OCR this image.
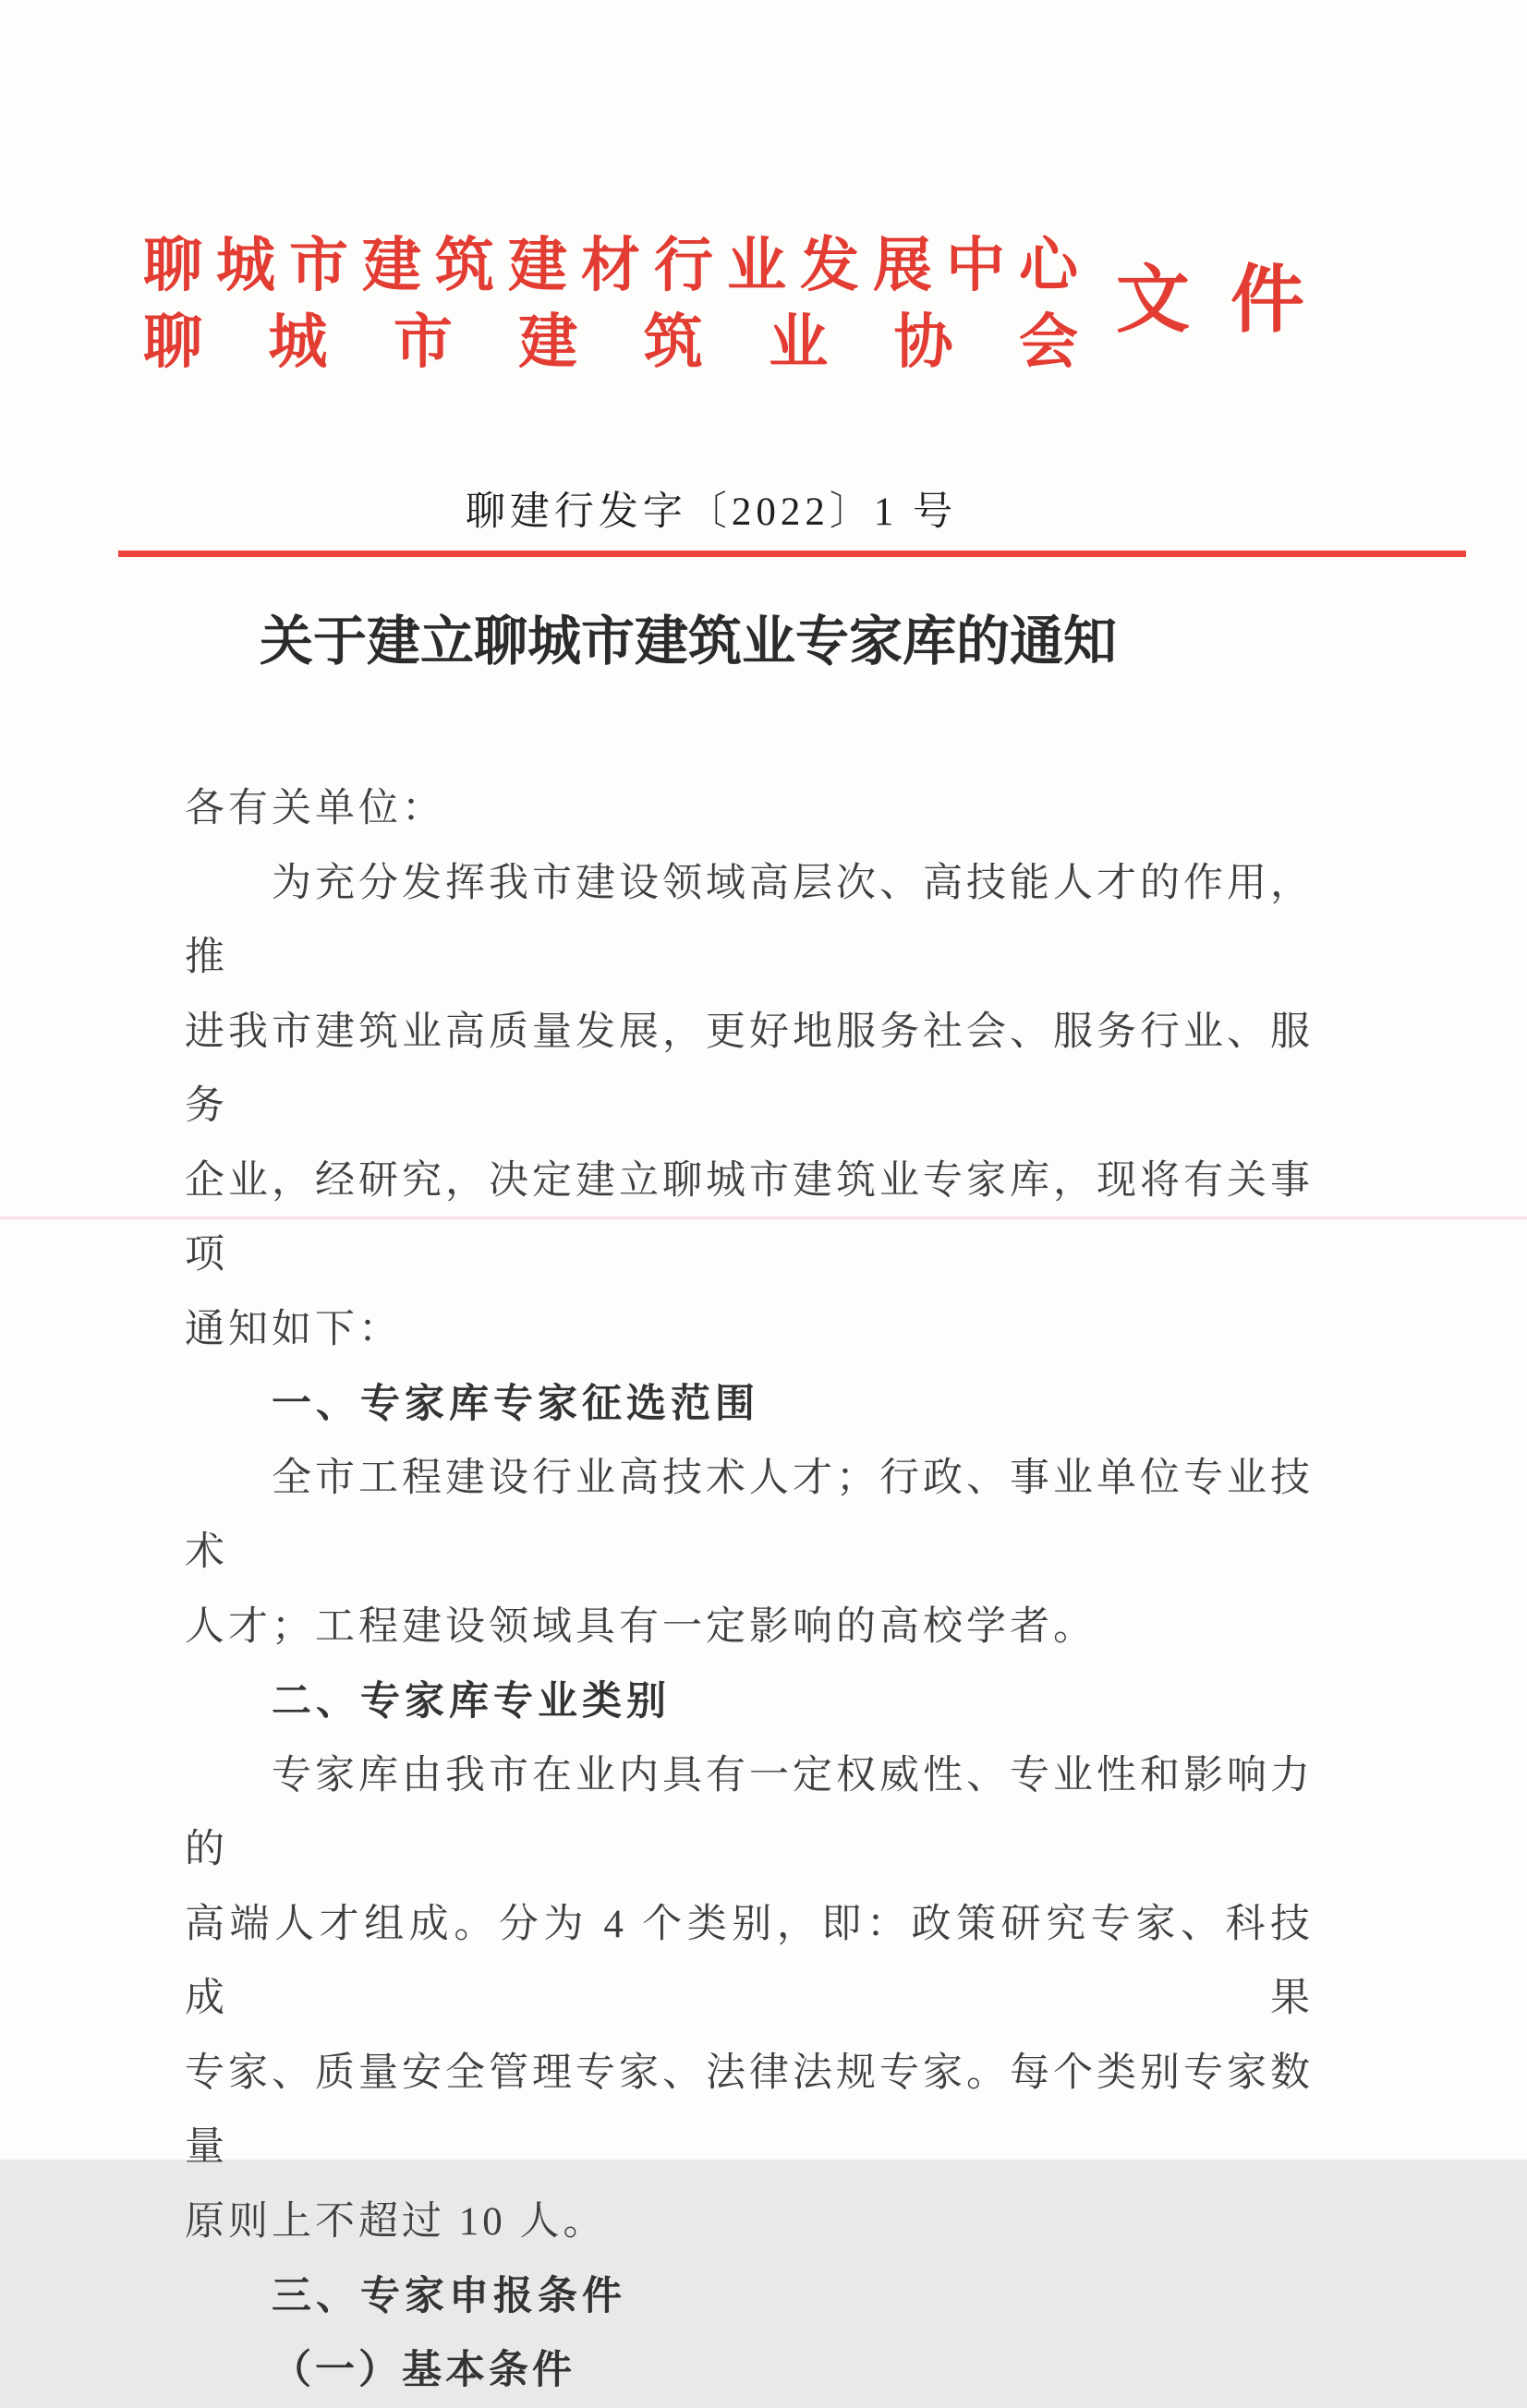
聊城市建筑建材行业发展中心
聊城市建筑业协会
文件
聊建行发字〔2022〕1 号
关于建立聊城市建筑业专家库的通知
各有关单位：
为充分发挥我市建设领域高层次、高技能人才的作用，推
进我市建筑业高质量发展，更好地服务社会、服务行业、服务
企业，经研究，决定建立聊城市建筑业专家库，现将有关事项
通知如下：
一、专家库专家征选范围
全市工程建设行业高技术人才；行政、事业单位专业技术
人才；工程建设领域具有一定影响的高校学者。
二、专家库专业类别
专家库由我市在业内具有一定权威性、专业性和影响力的
高端人才组成。分为 4 个类别，即：政策研究专家、科技成果
专家、质量安全管理专家、法律法规专家。每个类别专家数量
原则上不超过 10 人。
三、专家申报条件
（一）基本条件
